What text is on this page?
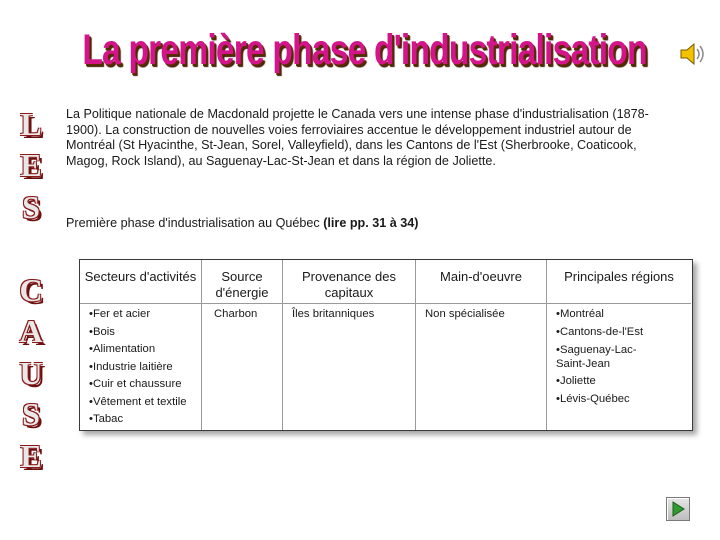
La première phase d'industrialisation
L
E
S
C
A
U
S
E
La Politique nationale de Macdonald projette le Canada vers une intense phase d'industrialisation (1878-1900). La construction de nouvelles voies ferroviaires accentue le développement industriel autour de Montréal (St Hyacinthe, St-Jean, Sorel, Valleyfield), dans les Cantons de l'Est (Sherbrooke, Coaticook, Magog, Rock Island), au Saguenay-Lac-St-Jean et dans la région de Joliette.
Première phase d'industrialisation au Québec (lire pp. 31 à 34)
Secteurs d'activités
•Fer et acier
•Bois
•Alimentation
•Industrie laitière
•Cuir et chaussure
•Vêtement et textile
•Tabac
Source d'énergie
Charbon
Provenance des capitaux
Îles britanniques
Main-d'oeuvre
Non spécialisée
Principales régions
•Montréal
•Cantons-de-l'Est
•Saguenay-Lac-Saint-Jean
•Joliette
•Lévis-Québec
